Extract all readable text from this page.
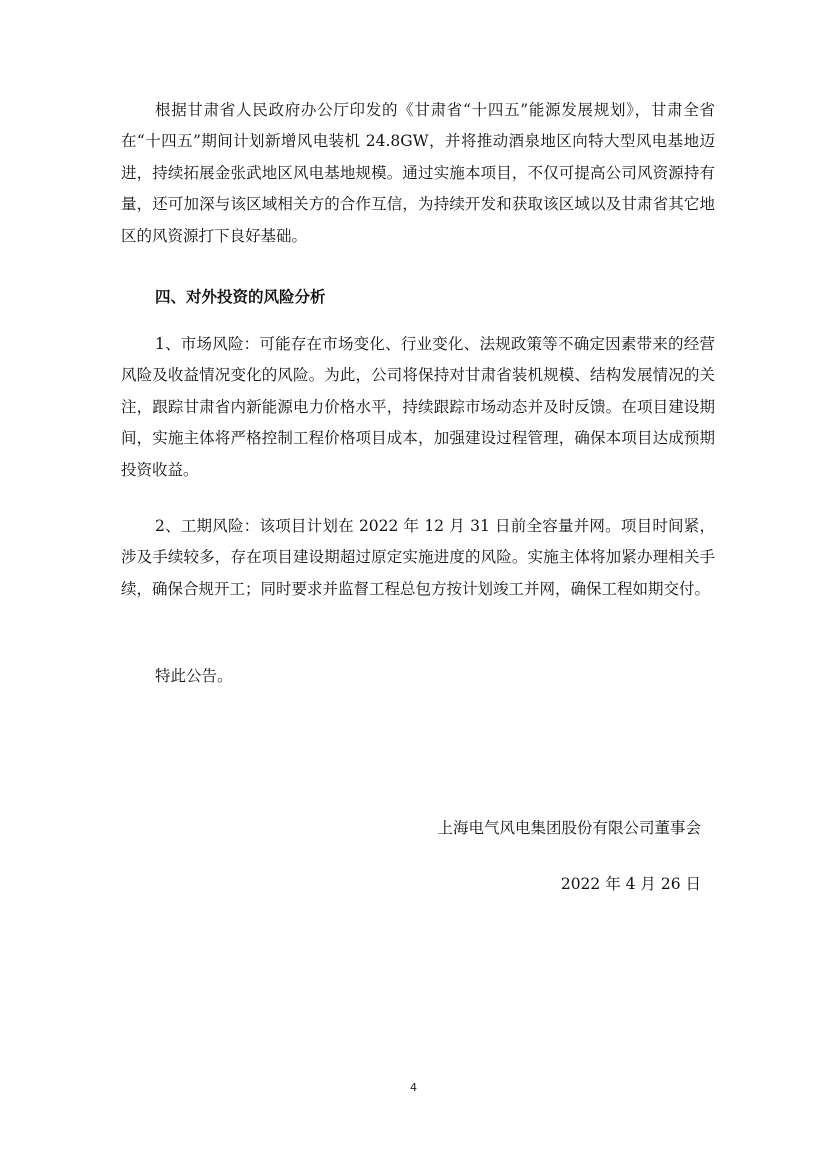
根据甘肃省人民政府办公厅印发的《甘肃省“十四五”能源发展规划》，甘肃全省在“十四五”期间计划新增风电装机 24.8GW，并将推动酒泉地区向特大型风电基地迈进，持续拓展金张武地区风电基地规模。通过实施本项目，不仅可提高公司风资源持有量，还可加深与该区域相关方的合作互信，为持续开发和获取该区域以及甘肃省其它地区的风资源打下良好基础。

四、对外投资的风险分析

1、市场风险：可能存在市场变化、行业变化、法规政策等不确定因素带来的经营风险及收益情况变化的风险。为此，公司将保持对甘肃省装机规模、结构发展情况的关注，跟踪甘肃省内新能源电力价格水平，持续跟踪市场动态并及时反馈。在项目建设期间，实施主体将严格控制工程价格项目成本，加强建设过程管理，确保本项目达成预期投资收益。

2、工期风险：该项目计划在 2022 年 12 月 31 日前全容量并网。项目时间紧，涉及手续较多，存在项目建设期超过原定实施进度的风险。实施主体将加紧办理相关手续，确保合规开工；同时要求并监督工程总包方按计划竣工并网，确保工程如期交付。

特此公告。

上海电气风电集团股份有限公司董事会

2022 年 4 月 26 日

4
